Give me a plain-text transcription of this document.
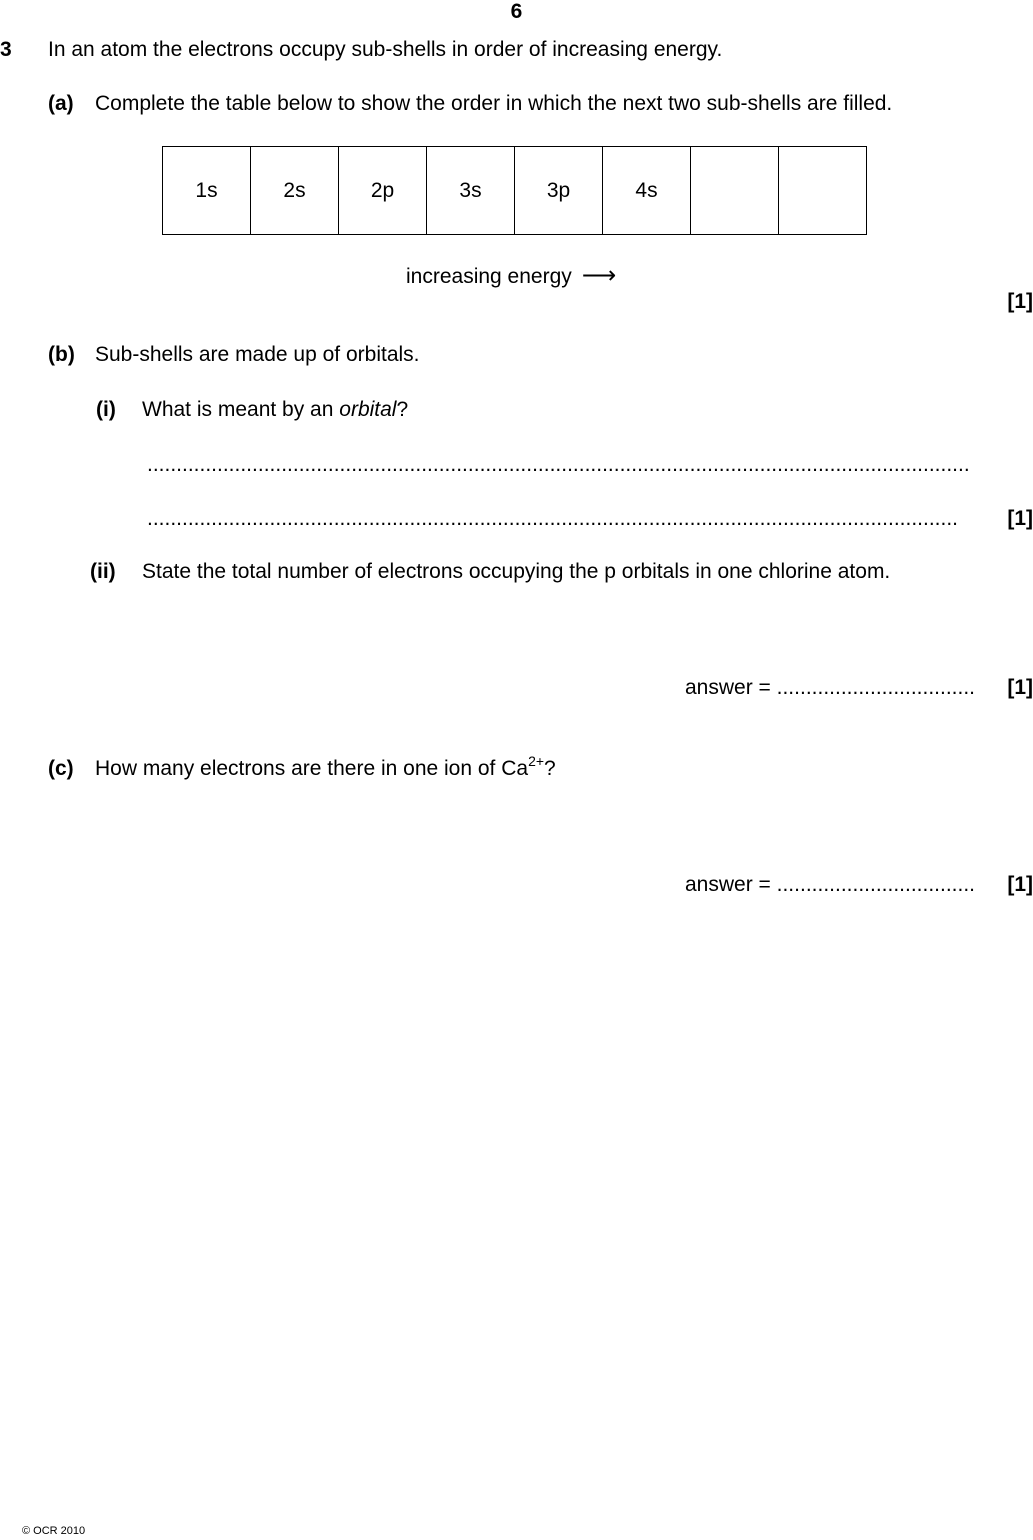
6
3 In an atom the electrons occupy sub-shells in order of increasing energy.
(a) Complete the table below to show the order in which the next two sub-shells are filled.
1s	2s	2p	3s	3p	4s		
increasing energy ⟶
[1]
(b) Sub-shells are made up of orbitals.
(i) What is meant by an orbital?
.............................................................................................................................................
...........................................................................................................................................	[1]
(ii) State the total number of electrons occupying the p orbitals in one chlorine atom.
answer = .................................. [1]
(c) How many electrons are there in one ion of $Ca^{2+}$?
answer = .................................. [1]
© OCR 2010
